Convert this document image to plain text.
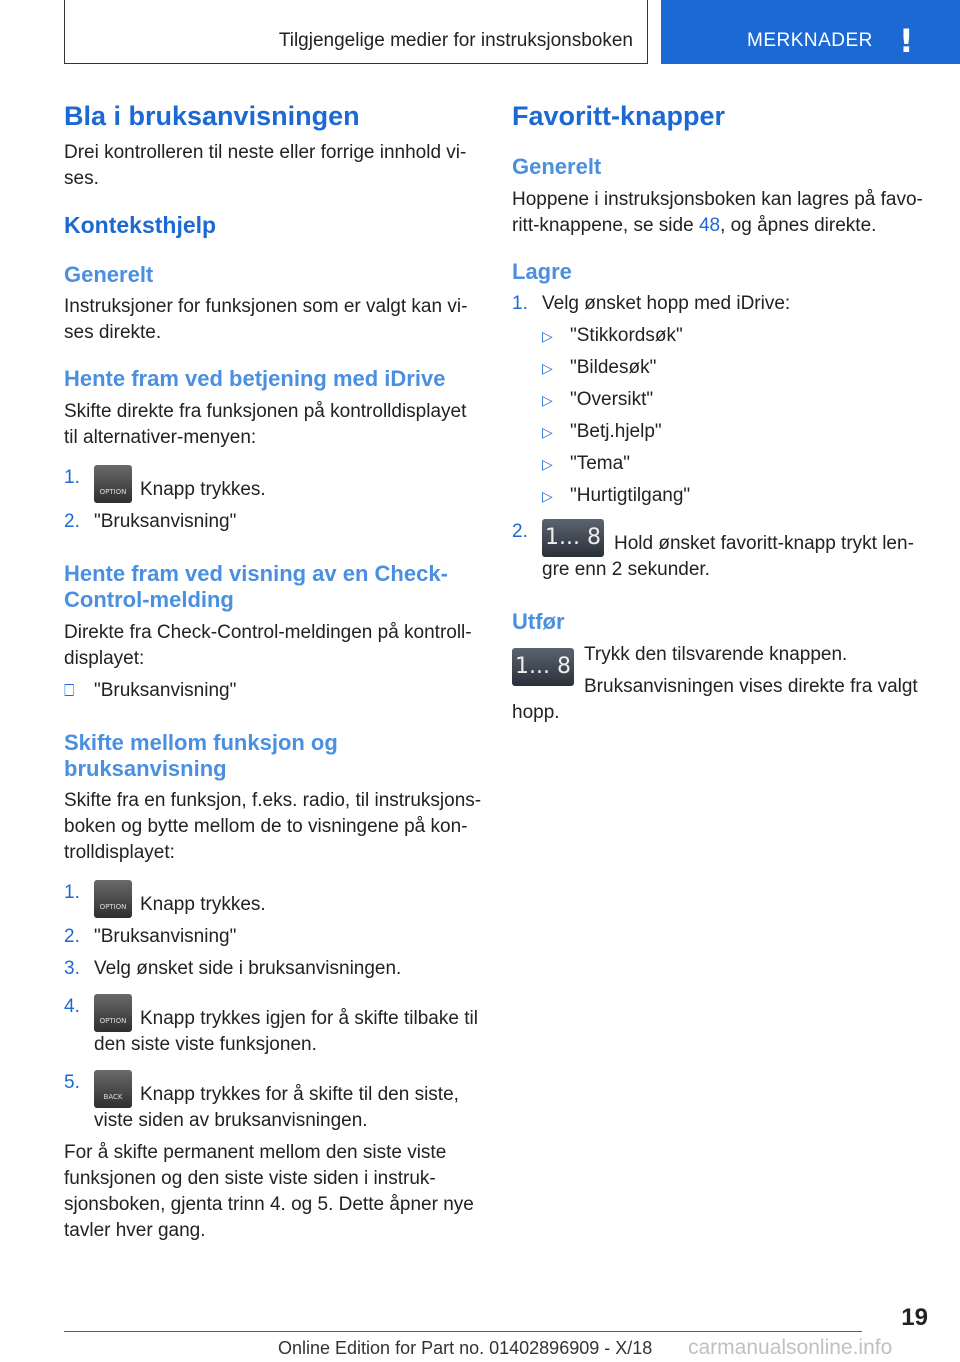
Tilgjengelige medier for instruksjonsboken	MERKNADER !
Bla i bruksanvisningen

Drei kontrolleren til neste eller forrige innhold vi-ses.

Konteksthjelp
Generelt

Instruksjoner for funksjonen som er valgt kan vi-ses direkte.

Hente fram ved betjening med iDrive

Skifte direkte fra funksjonen på kontrolldisplayet til alternativer-menyen:

1.
OPTION Knapp trykkes.
2. "Bruksanvisning"
Hente fram ved visning av en Check-Control-melding

Direkte fra Check-Control-meldingen på kontroll-displayet:

⎕ "Bruksanvisning"
Skifte mellom funksjon og bruksanvisning

Skifte fra en funksjon, f.eks. radio, til instruksjons-boken og bytte mellom de to visningene på kon-trolldisplayet:

1.
OPTION Knapp trykkes.
2. "Bruksanvisning"
3. Velg ønsket side i bruksanvisningen.
4.
OPTION Knapp trykkes igjen for å skifte tilbake til den siste viste funksjonen.
5.
BACK Knapp trykkes for å skifte til den siste, viste siden av bruksanvisningen.

For å skifte permanent mellom den siste viste funksjonen og den siste viste siden i instruk-sjonsboken, gjenta trinn 4. og 5. Dette åpner nye tavler hver gang.

Favoritt-knapper
Generelt

Hoppene i instruksjonsboken kan lagres på favo-ritt-knappene, se side 48, og åpnes direkte.

Lagre
1. Velg ønsket hopp med iDrive:
▷ "Stikkordsøk"
▷ "Bildesøk"
▷ "Oversikt"
▷ "Betj.hjelp"
▷ "Tema"
▷ "Hurtigtilgang"
2. 1... 8 Hold ønsket favoritt-knapp trykt len-gre enn 2 sekunder.
Utfør
1... 8 Trykk den tilsvarende knappen.

Bruksanvisningen vises direkte fra valgt hopp.

19
Online Edition for Part no. 01402896909 - X/18 carmanualsonline.info
